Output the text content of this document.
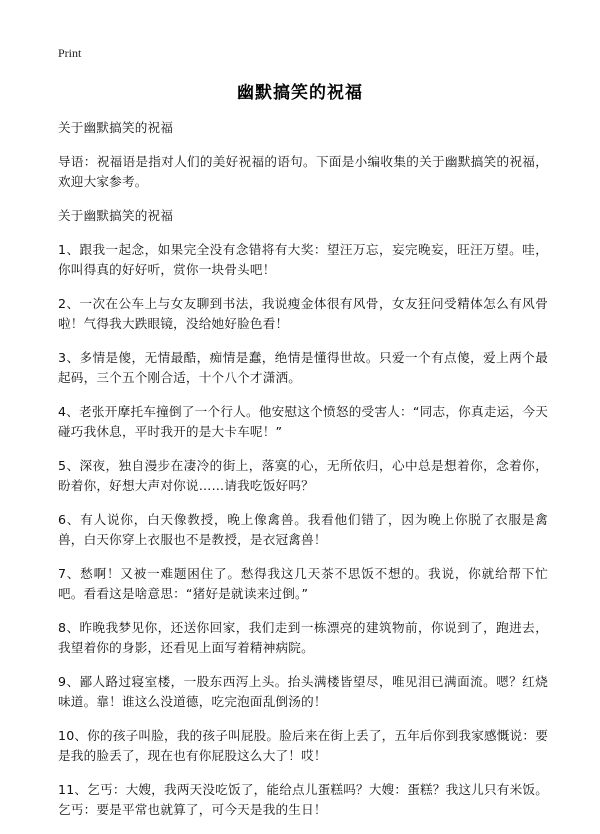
Print
幽默搞笑的祝福

关于幽默搞笑的祝福

导语：祝福语是指对人们的美好祝福的语句。下面是小编收集的关于幽默搞笑的祝福，欢迎大家参考。

关于幽默搞笑的祝福

1、跟我一起念，如果完全没有念错将有大奖：望汪万忘，妄完晚妄，旺汪万望。哇，你叫得真的好好听，赏你一块骨头吧！

2、一次在公车上与女友聊到书法，我说瘦金体很有风骨，女友狂问受精体怎么有风骨啦！气得我大跌眼镜，没给她好脸色看！

3、多情是傻，无情最酷，痴情是蠢，绝情是懂得世故。只爱一个有点傻，爱上两个最起码，三个五个刚合适，十个八个才潇洒。

4、老张开摩托车撞倒了一个行人。他安慰这个愤怒的受害人：“同志，你真走运，今天碰巧我休息，平时我开的是大卡车呢！”

5、深夜，独自漫步在凄冷的街上，落寞的心，无所依归，心中总是想着你，念着你，盼着你，好想大声对你说……请我吃饭好吗？

6、有人说你，白天像教授，晚上像禽兽。我看他们错了，因为晚上你脱了衣服是禽兽，白天你穿上衣服也不是教授，是衣冠禽兽！

7、愁啊！又被一难题困住了。愁得我这几天茶不思饭不想的。我说，你就给帮下忙吧。看看这是啥意思：“猪好是就读来过倒。”

8、昨晚我梦见你，还送你回家，我们走到一栋漂亮的建筑物前，你说到了，跑进去，我望着你的身影，还看见上面写着精神病院。

9、鄙人路过寝室楼，一股东西泻上头。抬头满楼皆望尽，唯见泪已满面流。嗯？红烧味道。靠！谁这么没道德，吃完泡面乱倒汤的！

10、你的孩子叫脸，我的孩子叫屁股。脸后来在街上丢了，五年后你到我家感慨说：要是我的脸丢了，现在也有你屁股这么大了！哎！

11、乞丐：大嫂，我两天没吃饭了，能给点儿蛋糕吗？大嫂：蛋糕？我这儿只有米饭。乞丐：要是平常也就算了，可今天是我的生日！
